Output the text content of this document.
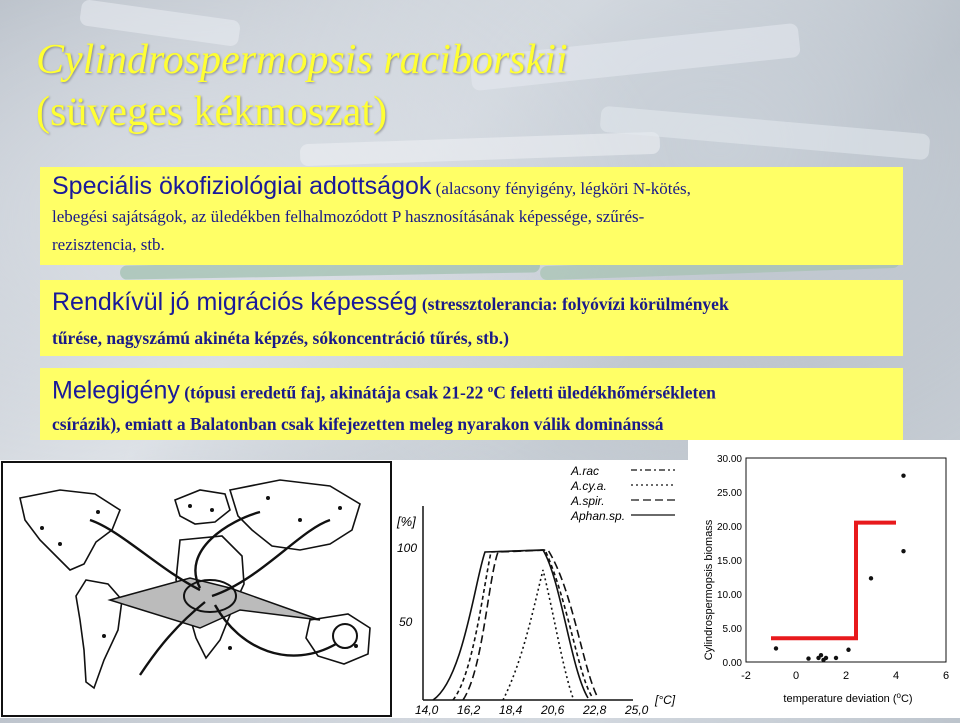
Cylindrospermopsis raciborskii
(süveges kékmoszat)
Speciális ökofiziológiai adottságok (alacsony fényigény, légköri N-kötés,
lebegési sajátságok, az üledékben felhalmozódott P hasznosításának képessége, szűrés-
rezisztencia, stb.
Rendkívül jó migrációs képesség (stressztolerancia: folyóvízi körülmények
tűrése, nagyszámú akinéta képzés, sókoncentráció tűrés, stb.)
Melegigény (tópusi eredetű faj, akinátája csak 21-22 $^o$C feletti üledékhőmérsékleten
csírázik), emiatt a Balatonban csak kifejezetten meleg nyarakon válik dominánssá
[%]
100
50
A.rac
A.cy.a.
A.spir.
Aphan.sp.
14,0 16,2 18,4 20,6 22,8 25,0
[°C]
0.00
5.00
10.00
15.00
20.00
25.00
30.00
-2	0	2	4	6
Cylindrospermopsis biomass
temperature deviation ($^o$C)
